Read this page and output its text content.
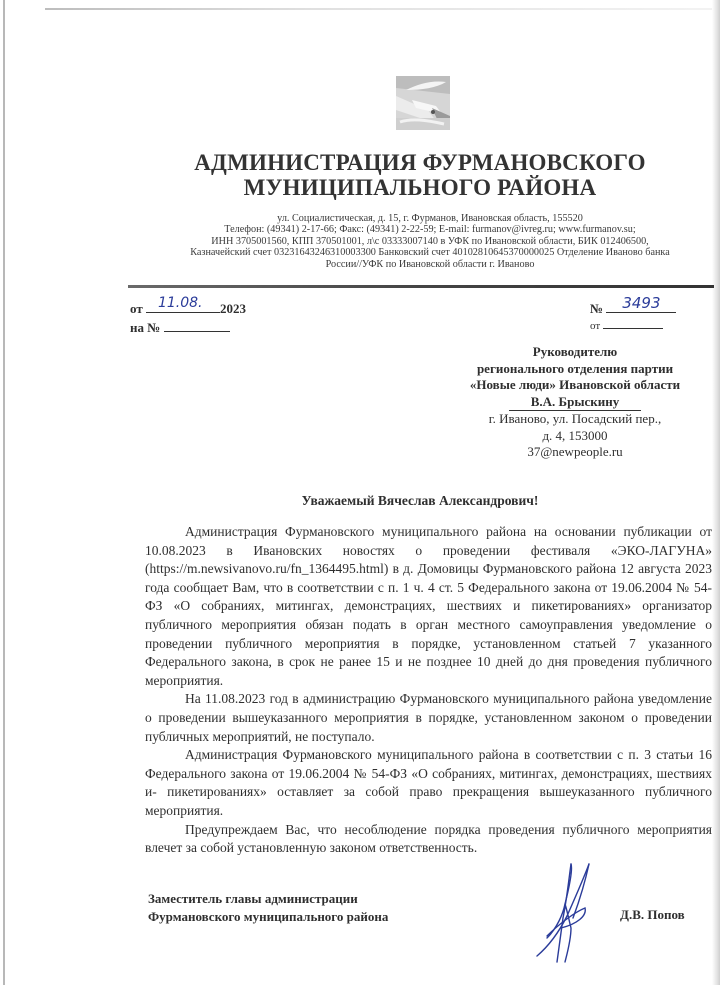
АДМИНИСТРАЦИЯ ФУРМАНОВСКОГО
МУНИЦИПАЛЬНОГО РАЙОНА
ул. Социалистическая, д. 15, г. Фурманов, Ивановская область, 155520
Телефон: (49341) 2-17-66; Факс: (49341) 2-22-59; E-mail: furmanov@ivreg.ru; www.furmanov.su;
ИНН 3705001560, КПП 370501001, л\с 03333007140 в УФК по Ивановской области, БИК 012406500,
Казначейский счет 03231643246310003300 Банковский счет 40102810645370000025 Отделение Иваново банка
России//УФК по Ивановской области г. Иваново
от 11.08. 2023
на №
№ 3493
от
Руководителю
регионального отделения партии
«Новые люди» Ивановской области
В.А. Брыскину
г. Иваново, ул. Посадский пер.,
д. 4, 153000
37@newpeople.ru
Уважаемый Вячеслав Александрович!

Администрация Фурмановского муниципального района на основании публикации от 10.08.2023 в Ивановских новостях о проведении фестиваля «ЭКО-ЛАГУНА» (https://m.newsivanovo.ru/fn_1364495.html) в д. Домовицы Фурмановского района 12 августа 2023 года сообщает Вам, что в соответствии с п. 1 ч. 4 ст. 5 Федерального закона от 19.06.2004 № 54-ФЗ «О собраниях, митингах, демонстрациях, шествиях и пикетированиях» организатор публичного мероприятия обязан подать в орган местного самоуправления уведомление о проведении публичного мероприятия в порядке, установленном статьей 7 указанного Федерального закона, в срок не ранее 15 и не позднее 10 дней до дня проведения публичного мероприятия.

На 11.08.2023 год в администрацию Фурмановского муниципального района уведомление о проведении вышеуказанного мероприятия в порядке, установленном законом о проведении публичных мероприятий, не поступало.

Администрация Фурмановского муниципального района в соответствии с п. 3 статьи 16 Федерального закона от 19.06.2004 № 54-ФЗ «О собраниях, митингах, демонстрациях, шествиях и- пикетированиях» оставляет за собой право прекращения вышеуказанного публичного мероприятия.

Предупреждаем Вас, что несоблюдение порядка проведения публичного мероприятия влечет за собой установленную законом ответственность.

Заместитель главы администрации
Фурмановского муниципального района	Д.В. Попов
